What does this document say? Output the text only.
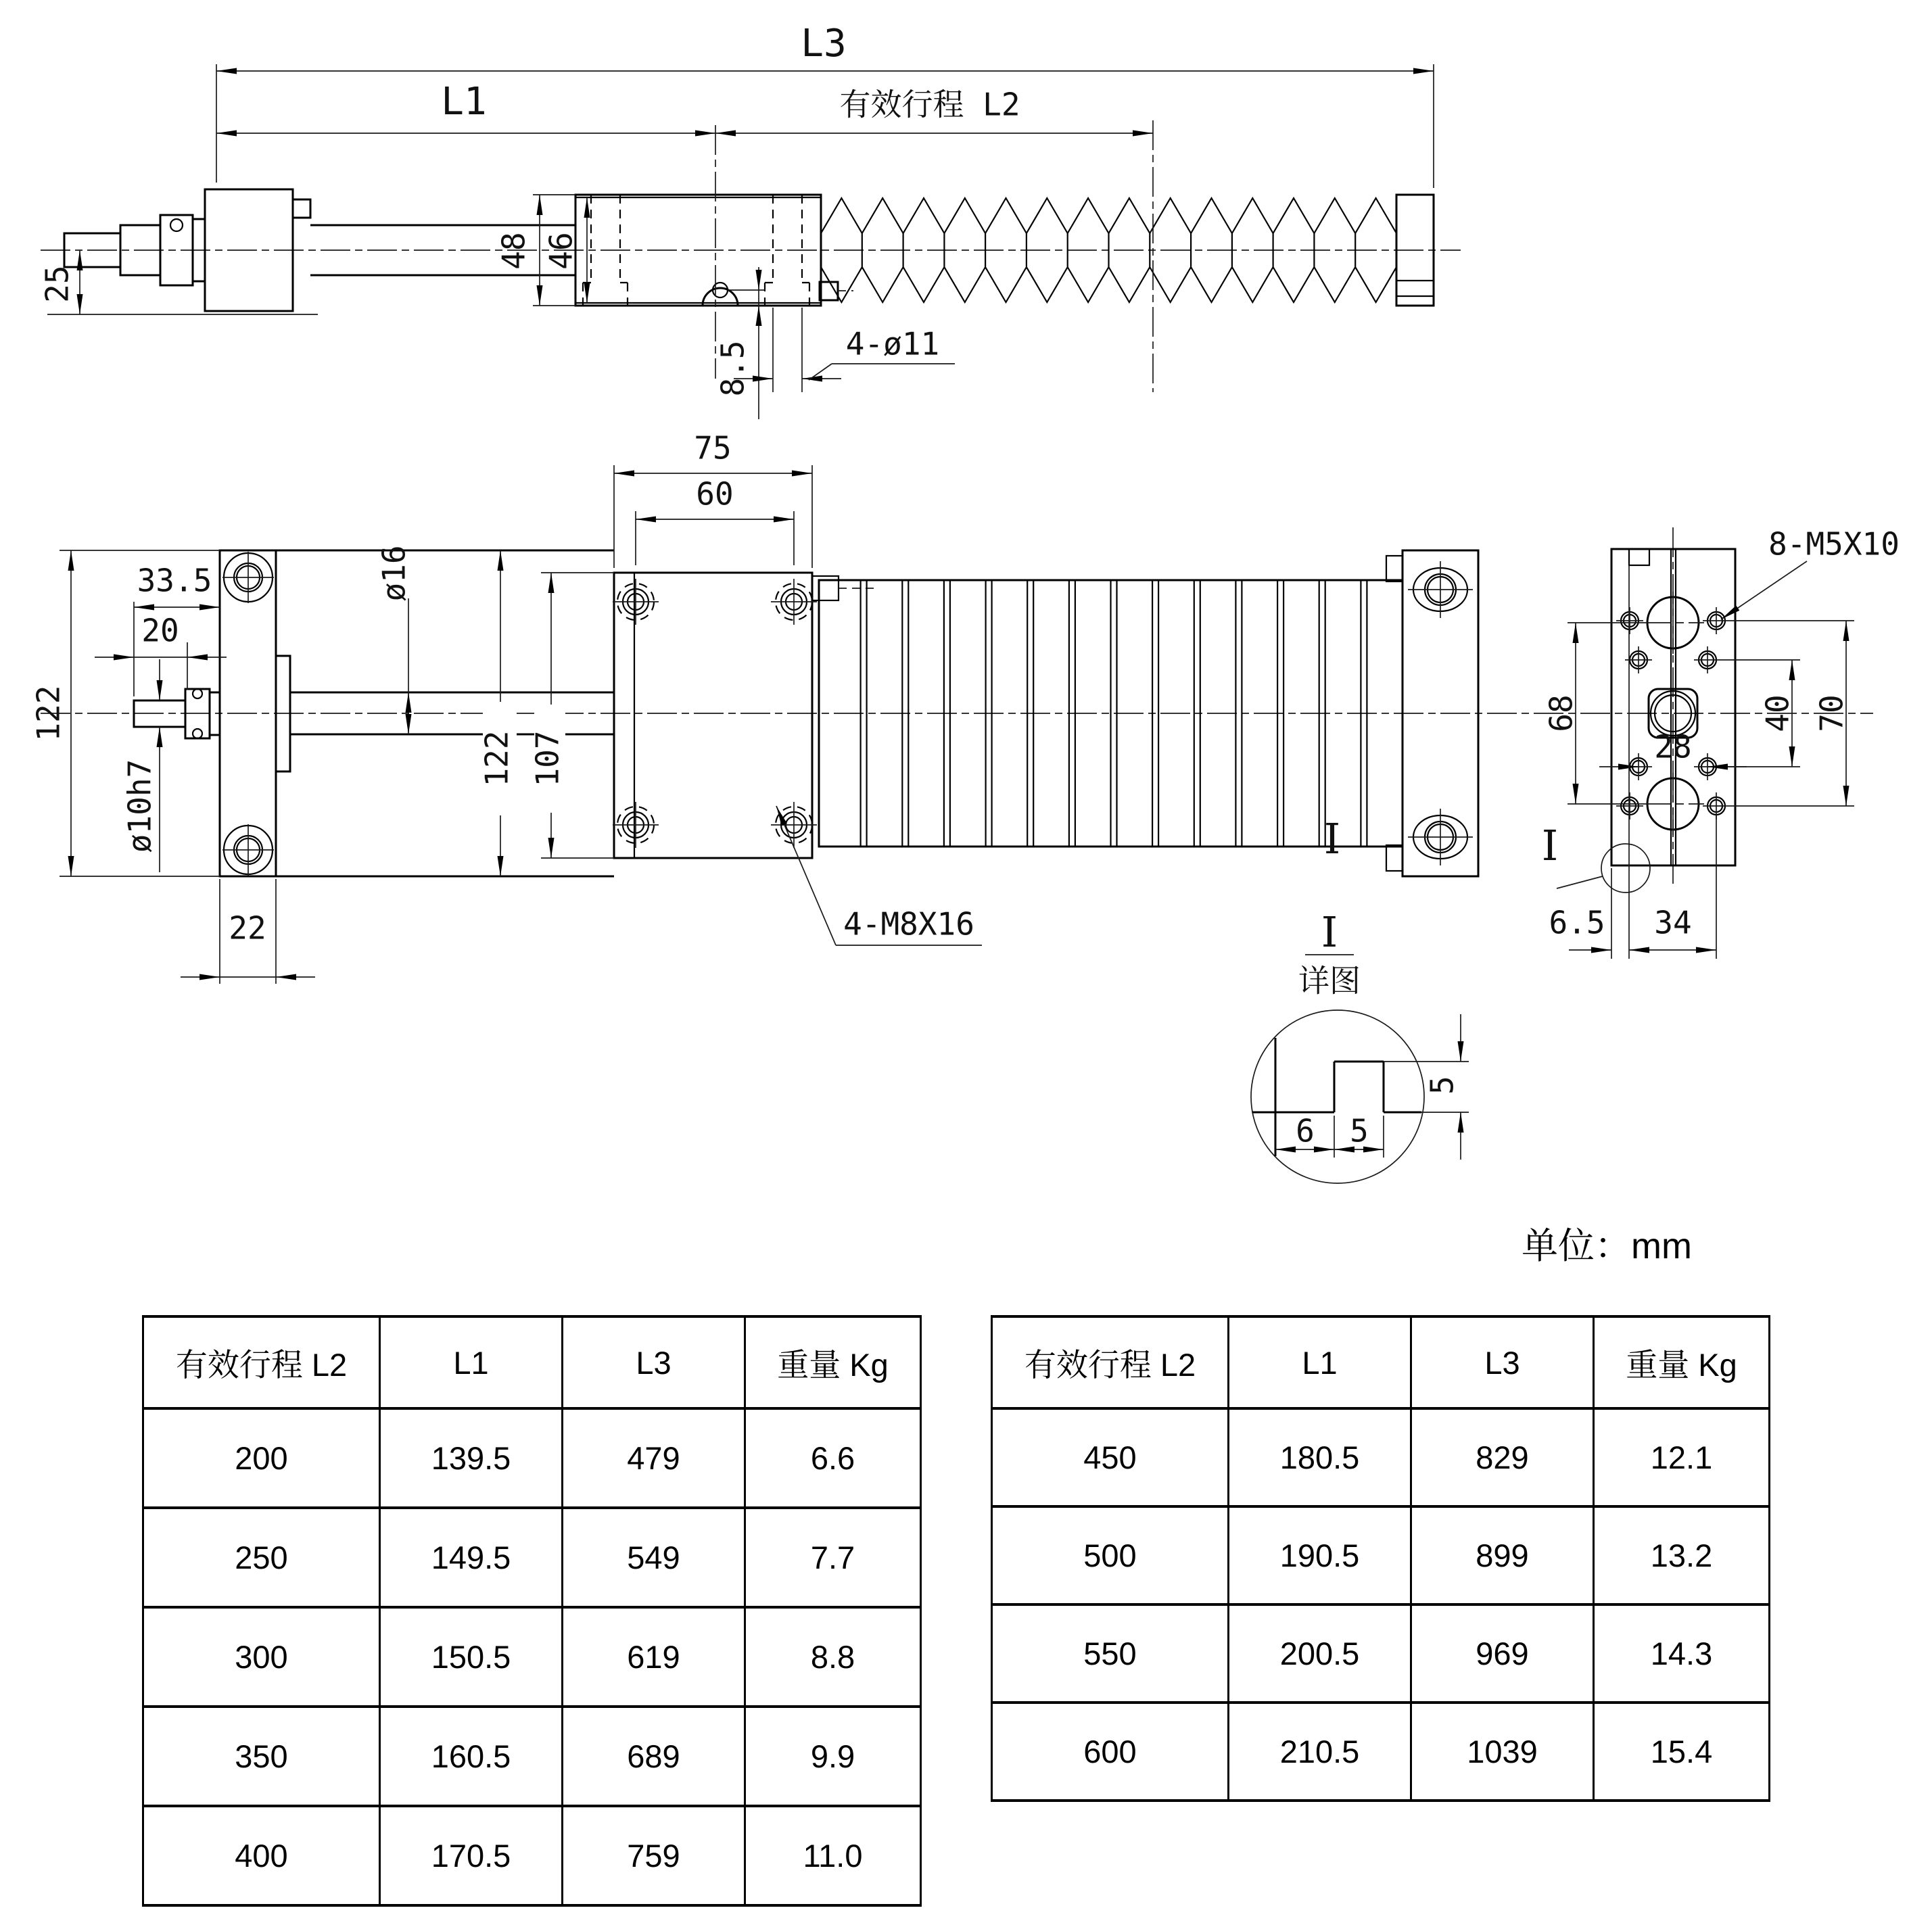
L3
L1	有效行程 L2
25
48 46
8.5	4-ø11
122
33.5
20
ø10h7
22
ø16
75
60
122 107
4-M8X16
8-M5X10
68	40 70
28
6.5 34
I
I
I
详图
6 5
5
单位：mm
有效行程 L2	L1	L3	重量 Kg
200	139.5	479	6.6
250	149.5	549	7.7
300	150.5	619	8.8
350	160.5	689	9.9
400	170.5	759	11.0
有效行程 L2	L1	L3	重量 Kg
450	180.5	829	12.1
500	190.5	899	13.2
550	200.5	969	14.3
600	210.5	1039	15.4
